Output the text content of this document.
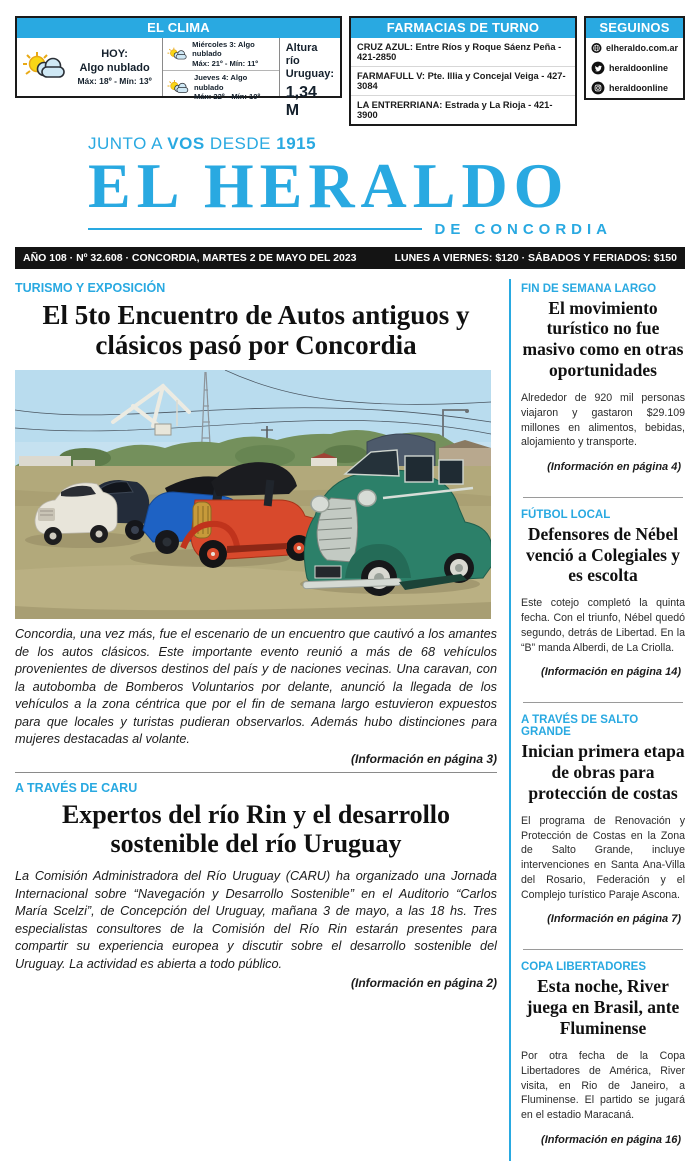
EL CLIMA
HOY:
Algo nublado
Máx: 18º - Mín: 13º
Miércoles 3: Algo nublado
Máx: 21º - Mín: 11º
Jueves 4: Algo nublado
Máx: 22º - Mín: 10º
Altura río Uruguay:
1,34 M
FARMACIAS DE TURNO
CRUZ AZUL: Entre Ríos y Roque Sáenz Peña - 421-2850
FARMAFULL V: Pte. Illia y Concejal Veiga - 427-3084
LA ENTRERRIANA: Estrada y La Rioja - 421-3900
SEGUINOS
elheraldo.com.ar
heraldoonline
heraldoonline
JUNTO A VOS DESDE 1915
EL HERALDO
DE CONCORDIA
AÑO 108 · Nº 32.608 · CONCORDIA, MARTES 2 DE MAYO DEL 2023	LUNES A VIERNES: $120 · SÁBADOS Y FERIADOS: $150
TURISMO Y EXPOSICIÓN
El 5to Encuentro de Autos antiguos y clásicos pasó por Concordia

Concordia, una vez más, fue el escenario de un encuentro que cautivó a los amantes de los autos clásicos. Este importante evento reunió a más de 68 vehículos provenientes de diversos destinos del país y de naciones vecinas. Una caravan, con la autobomba de Bomberos Voluntarios por delante, anunció la llegada de los vehículos a la zona céntrica que por el fin de semana largo estuvieron expuestos para que locales y turistas pudieran observarlos. Además hubo distinciones para mujeres destacadas al volante.

(Información en página 3)

A TRAVÉS DE CARU
Expertos del río Rin y el desarrollo sostenible del río Uruguay

La Comisión Administradora del Río Uruguay (CARU) ha organizado una Jornada Internacional sobre “Navegación y Desarrollo Sostenible” en el Auditorio “Carlos María Scelzi”, de Concepción del Uruguay, mañana 3 de mayo, a las 18 hs. Tres especialistas consultores de la Comisión del Río Rin estarán presentes para compartir su experiencia europea y discutir sobre el desarrollo sostenible del Uruguay. La actividad es abierta a todo público.

(Información en página 2)

FIN DE SEMANA LARGO
El movimiento turístico no fue masivo como en otras oportunidades

Alrededor de 920 mil personas viajaron y gastaron $29.109 millones en alimentos, bebidas, alojamiento y transporte.

(Información en página 4)

FÚTBOL LOCAL
Defensores de Nébel venció a Colegiales y es escolta

Este cotejo completó la quinta fecha. Con el triunfo, Nébel quedó segundo, detrás de Libertad. En la “B” manda Alberdi, de La Criolla.

(Información en página 14)

A TRAVÉS DE SALTO GRANDE
Inician primera etapa de obras para protección de costas

El programa de Renovación y Protección de Costas en la Zona de Salto Grande, incluye intervenciones en Santa Ana-Villa del Rosario, Federación y el Complejo turístico Paraje Ascona.

(Información en página 7)

COPA LIBERTADORES
Esta noche, River juega en Brasil, ante Fluminense

Por otra fecha de la Copa Libertadores de América, River visita, en Rio de Janeiro, a Fluminense. El partido se jugará en el estadio Maracaná.

(Información en página 16)
